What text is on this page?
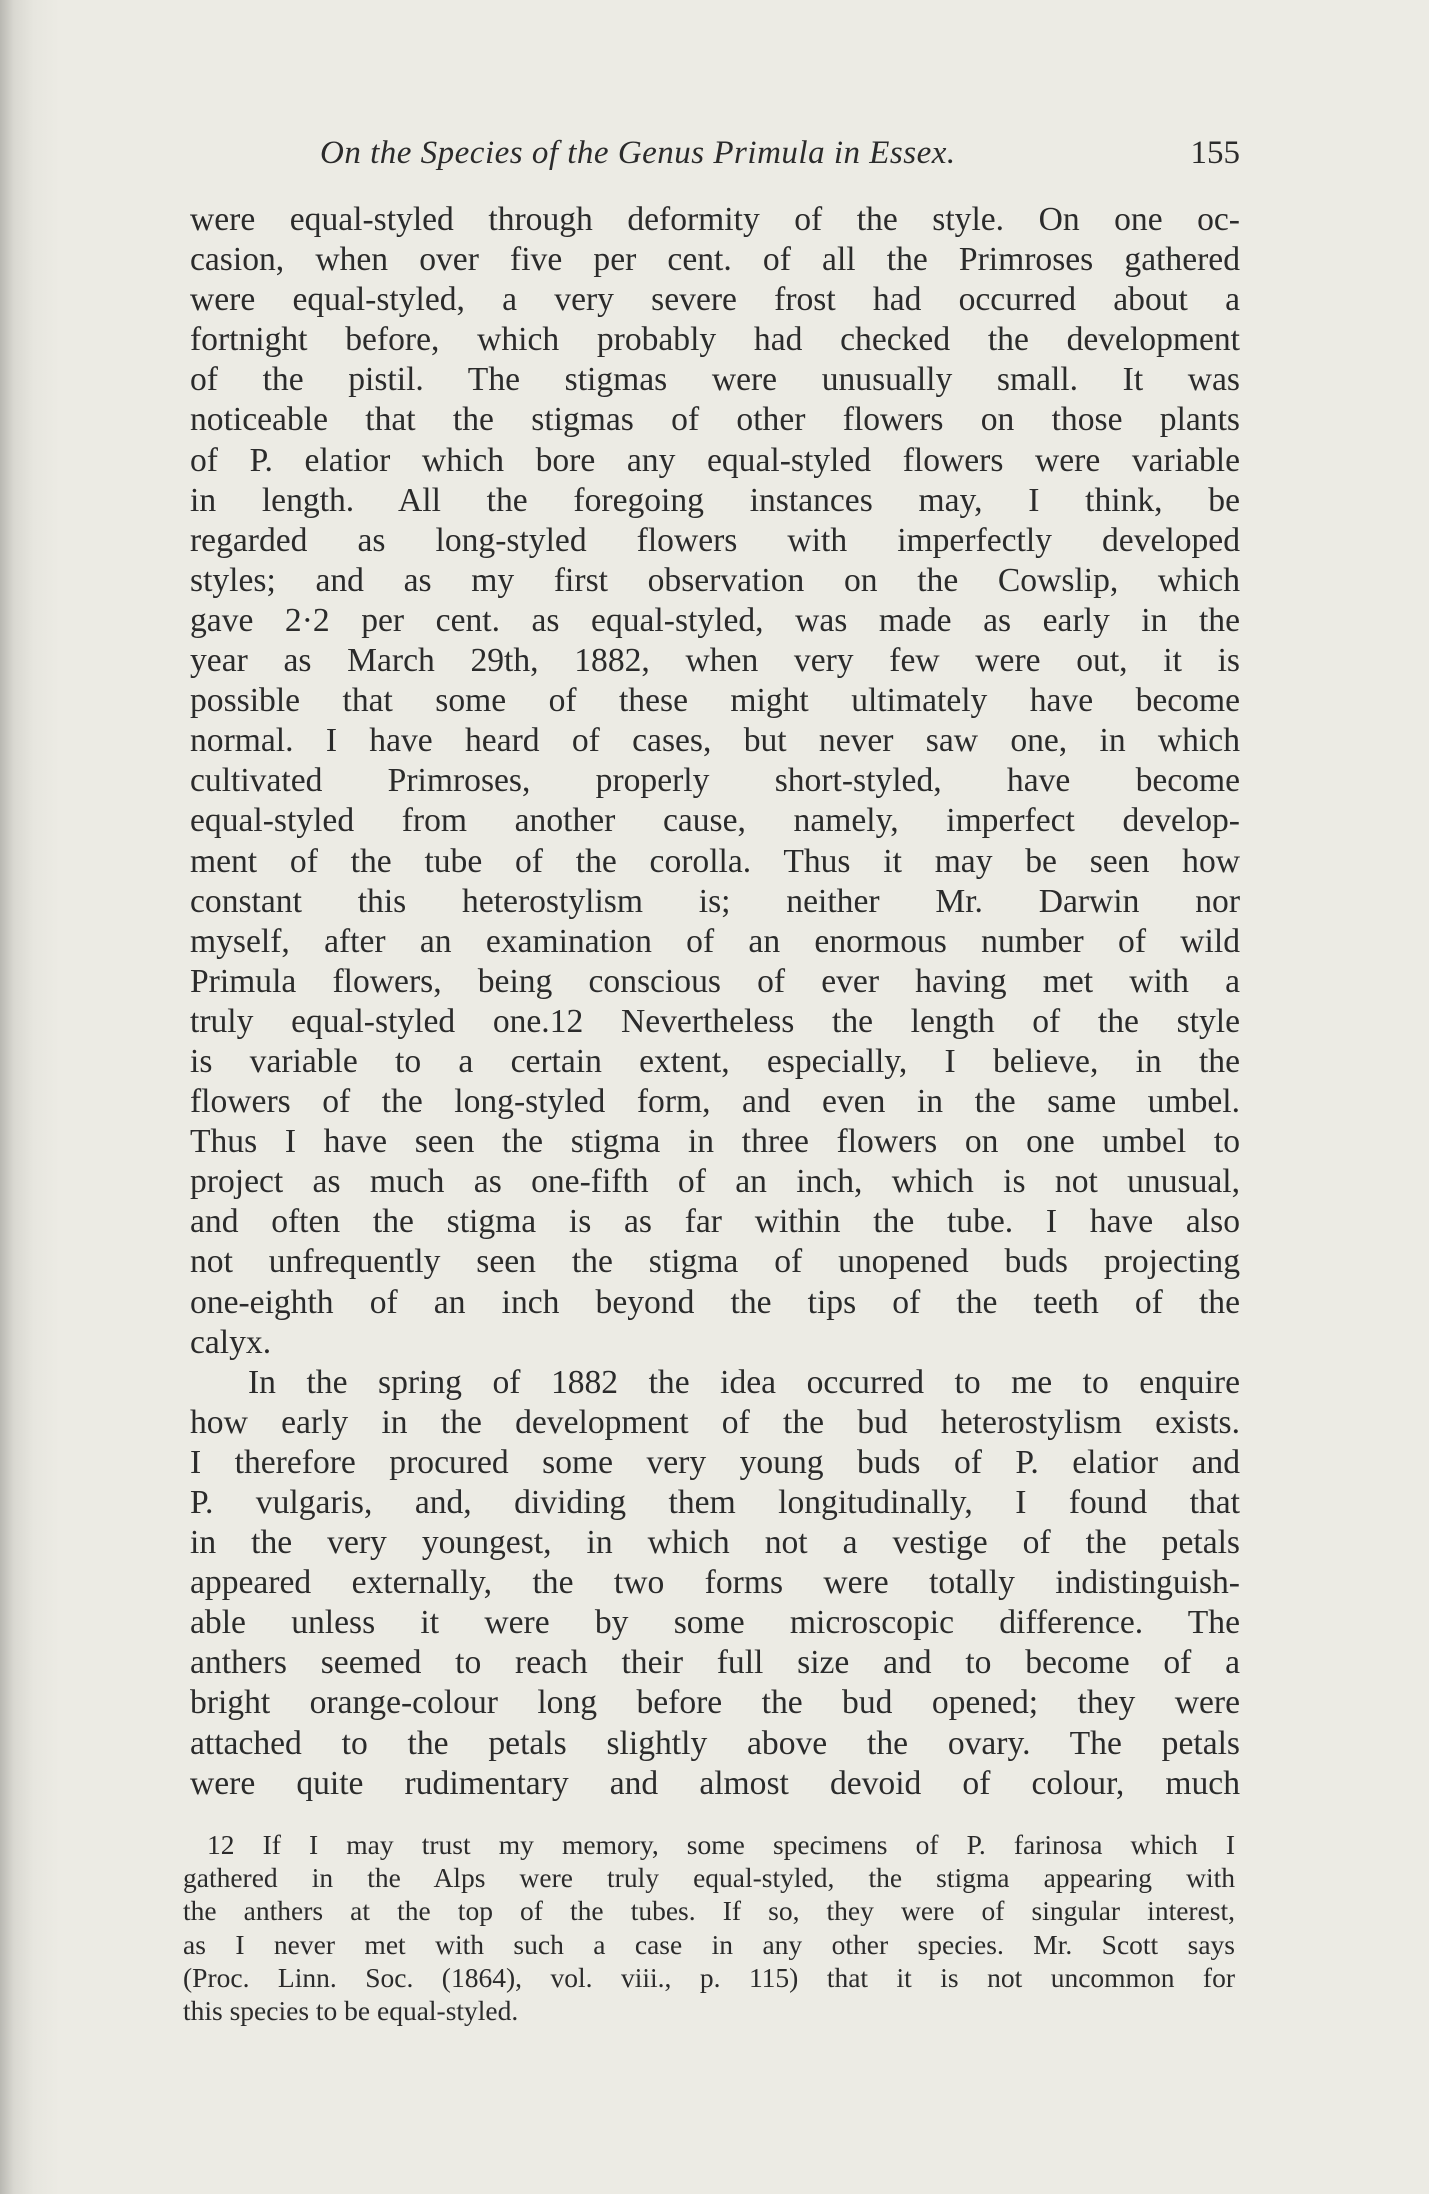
On the Species of the Genus Primula in Essex.	155
were equal-styled through deformity of the style. On one oc-
casion, when over five per cent. of all the Primroses gathered
were equal-styled, a very severe frost had occurred about a
fortnight before, which probably had checked the development
of the pistil. The stigmas were unusually small. It was
noticeable that the stigmas of other flowers on those plants
of P. elatior which bore any equal-styled flowers were variable
in length. All the foregoing instances may, I think, be
regarded as long-styled flowers with imperfectly developed
styles; and as my first observation on the Cowslip, which
gave 2·2 per cent. as equal-styled, was made as early in the
year as March 29th, 1882, when very few were out, it is
possible that some of these might ultimately have become
normal. I have heard of cases, but never saw one, in which
cultivated Primroses, properly short-styled, have become
equal-styled from another cause, namely, imperfect develop-
ment of the tube of the corolla. Thus it may be seen how
constant this heterostylism is; neither Mr. Darwin nor
myself, after an examination of an enormous number of wild
Primula flowers, being conscious of ever having met with a
truly equal-styled one.12 Nevertheless the length of the style
is variable to a certain extent, especially, I believe, in the
flowers of the long-styled form, and even in the same umbel.
Thus I have seen the stigma in three flowers on one umbel to
project as much as one-fifth of an inch, which is not unusual,
and often the stigma is as far within the tube. I have also
not unfrequently seen the stigma of unopened buds projecting
one-eighth of an inch beyond the tips of the teeth of the
calyx.
In the spring of 1882 the idea occurred to me to enquire
how early in the development of the bud heterostylism exists.
I therefore procured some very young buds of P. elatior and
P. vulgaris, and, dividing them longitudinally, I found that
in the very youngest, in which not a vestige of the petals
appeared externally, the two forms were totally indistinguish-
able unless it were by some microscopic difference. The
anthers seemed to reach their full size and to become of a
bright orange-colour long before the bud opened; they were
attached to the petals slightly above the ovary. The petals
were quite rudimentary and almost devoid of colour, much
12 If I may trust my memory, some specimens of P. farinosa which I
gathered in the Alps were truly equal-styled, the stigma appearing with
the anthers at the top of the tubes. If so, they were of singular interest,
as I never met with such a case in any other species. Mr. Scott says
(Proc. Linn. Soc. (1864), vol. viii., p. 115) that it is not uncommon for
this species to be equal-styled.
